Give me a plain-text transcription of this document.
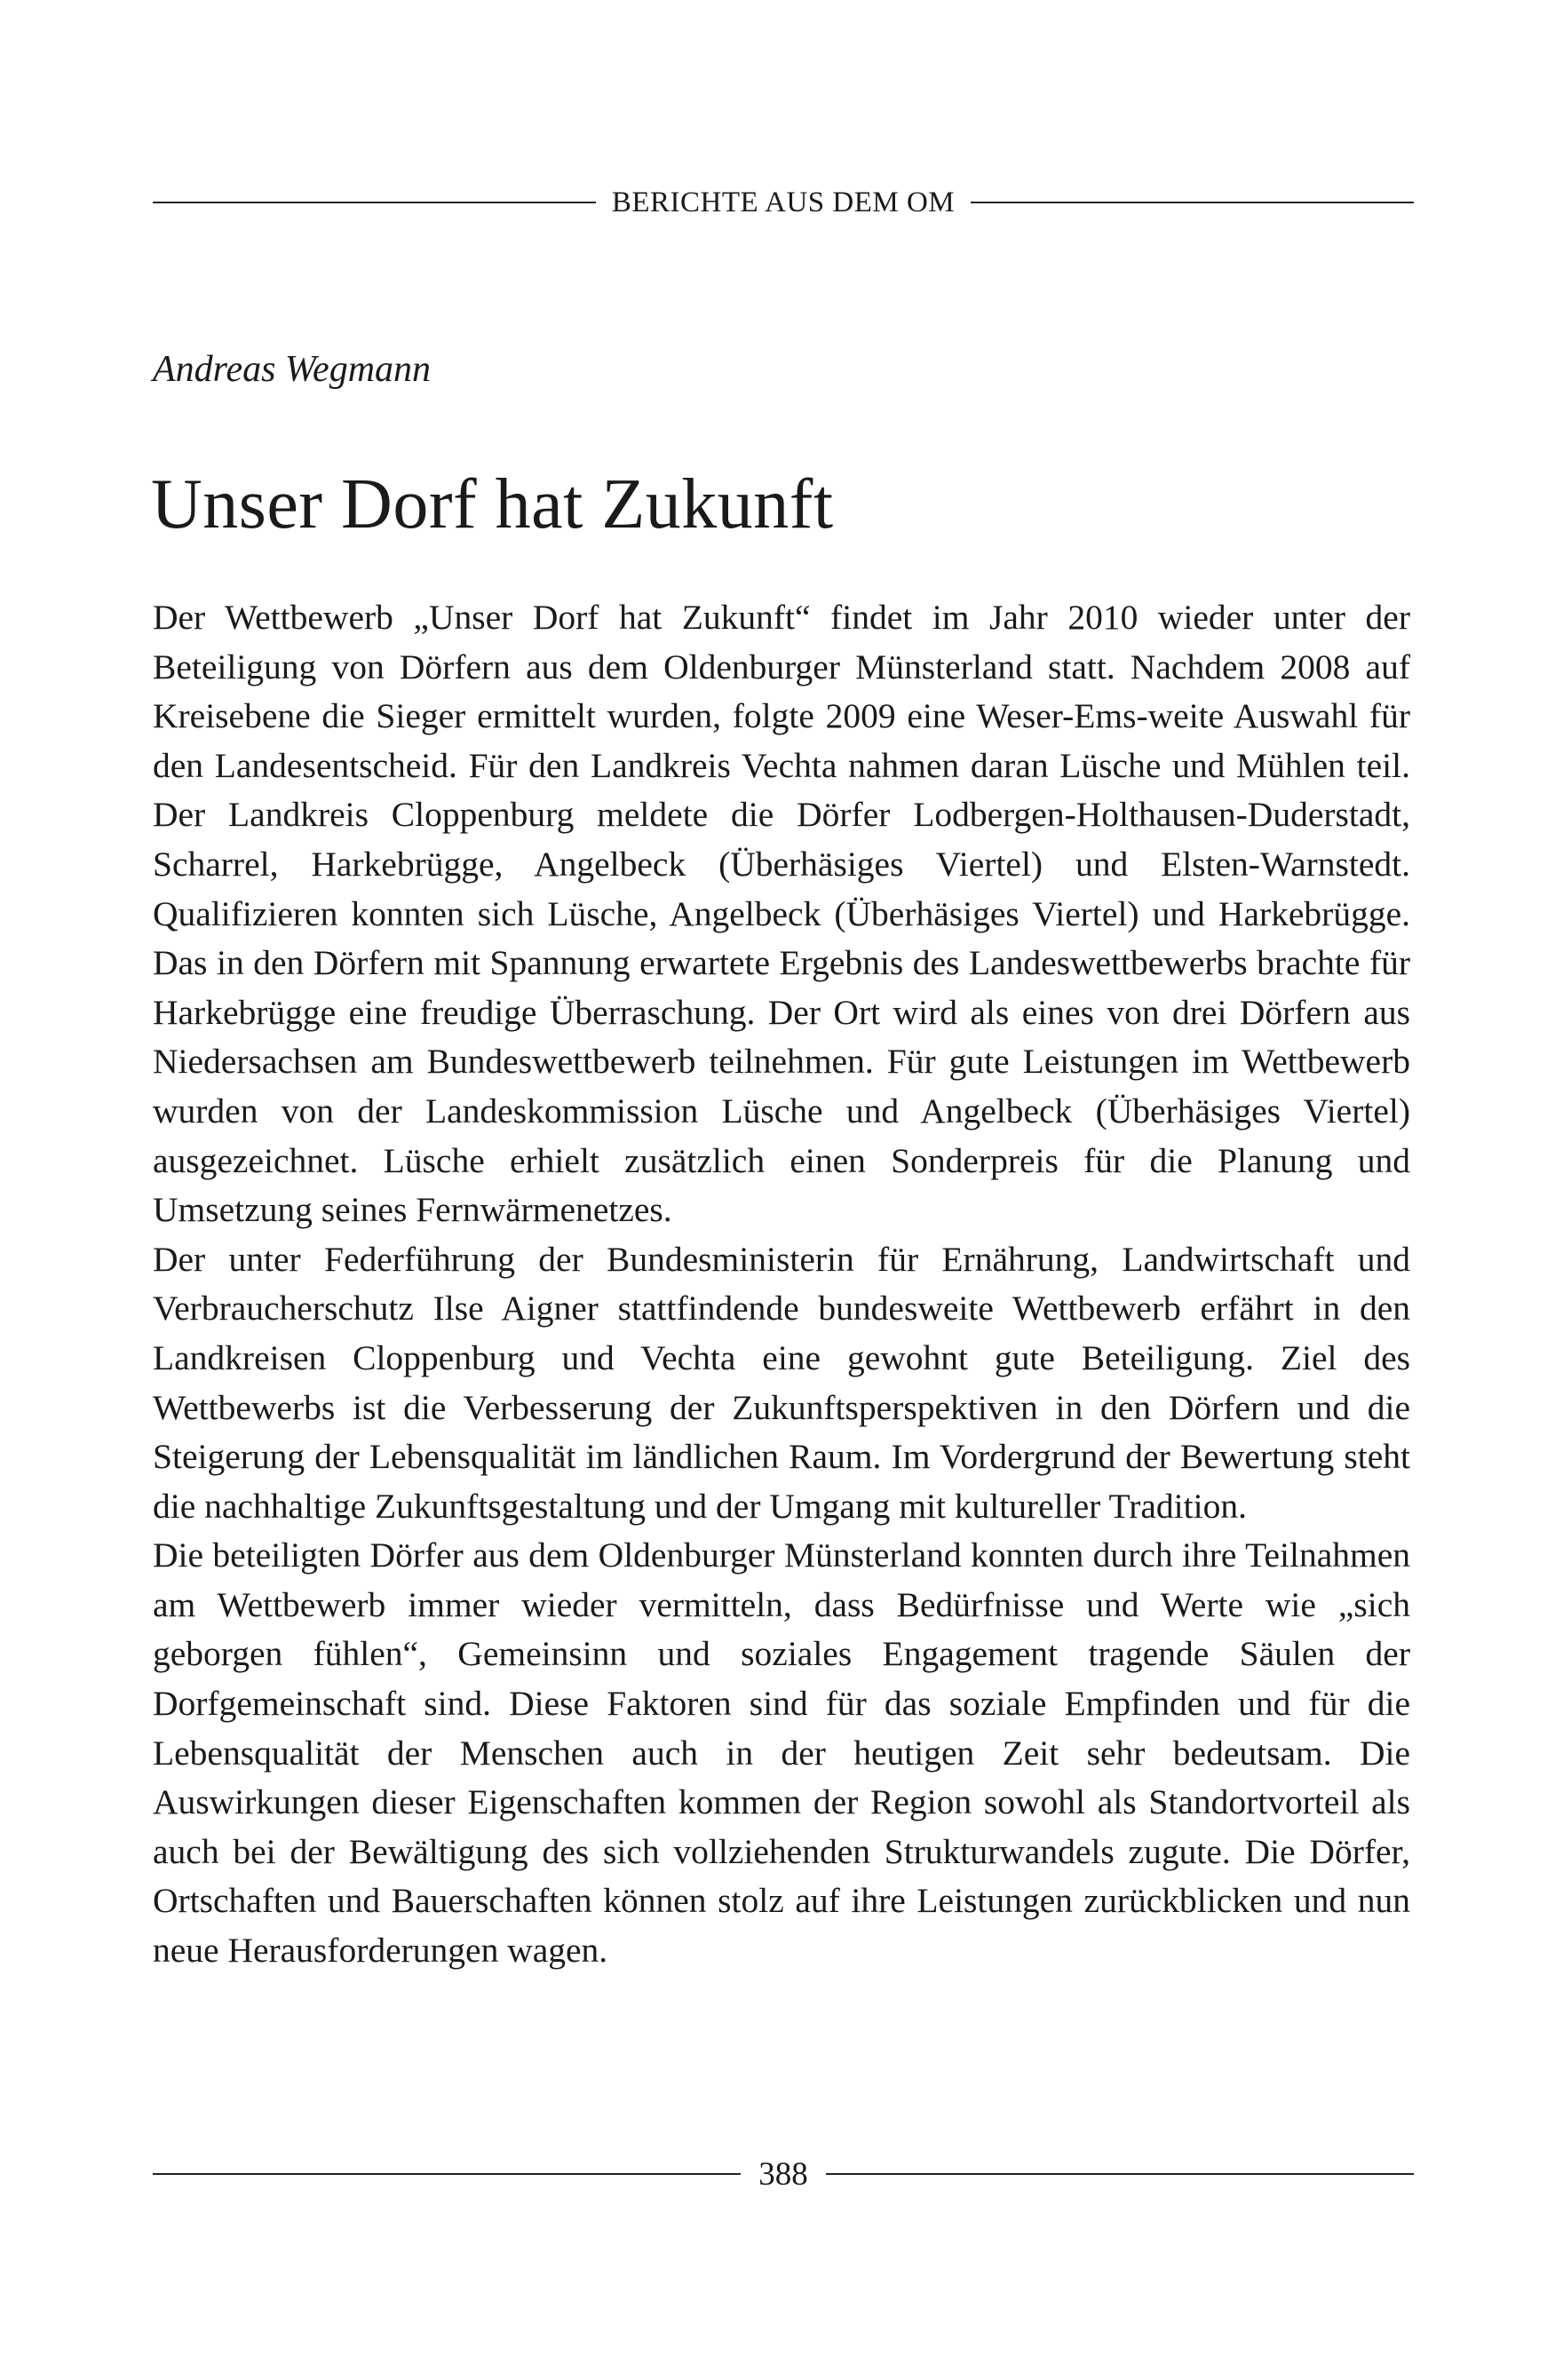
BERICHTE AUS DEM OM
Andreas Wegmann
Unser Dorf hat Zukunft

Der Wettbewerb „Unser Dorf hat Zukunft“ findet im Jahr 2010 wieder unter der Beteiligung von Dörfern aus dem Oldenburger Münsterland statt. Nachdem 2008 auf Kreisebene die Sieger ermittelt wurden, folgte 2009 eine Weser-Ems-weite Auswahl für den Landesentscheid. Für den Landkreis Vechta nahmen daran Lüsche und Mühlen teil. Der Landkreis Cloppenburg meldete die Dörfer Lodbergen-Holthausen-Duderstadt, Scharrel, Harkebrügge, Angelbeck (Überhäsiges Viertel) und Elsten-Warnstedt. Qualifizieren konnten sich Lüsche, Angelbeck (Überhäsiges Viertel) und Harkebrügge. Das in den Dörfern mit Spannung erwartete Ergebnis des Landeswettbewerbs brachte für Harkebrügge eine freudige Überraschung. Der Ort wird als eines von drei Dörfern aus Niedersachsen am Bundeswettbewerb teilnehmen. Für gute Leistungen im Wettbewerb wurden von der Landeskommission Lüsche und Angelbeck (Überhäsiges Viertel) ausgezeichnet. Lüsche erhielt zusätzlich einen Sonderpreis für die Planung und Umsetzung seines Fernwärmenetzes.

Der unter Federführung der Bundesministerin für Ernährung, Landwirtschaft und Verbraucherschutz Ilse Aigner stattfindende bundesweite Wettbewerb erfährt in den Landkreisen Cloppenburg und Vechta eine gewohnt gute Beteiligung. Ziel des Wettbewerbs ist die Verbesserung der Zukunftsperspektiven in den Dörfern und die Steigerung der Lebensqualität im ländlichen Raum. Im Vordergrund der Bewertung steht die nachhaltige Zukunftsgestaltung und der Umgang mit kultureller Tradition.

Die beteiligten Dörfer aus dem Oldenburger Münsterland konnten durch ihre Teilnahmen am Wettbewerb immer wieder vermitteln, dass Bedürfnisse und Werte wie „sich geborgen fühlen“, Gemeinsinn und soziales Engagement tragende Säulen der Dorfgemeinschaft sind. Diese Faktoren sind für das soziale Empfinden und für die Lebensqualität der Menschen auch in der heutigen Zeit sehr bedeutsam. Die Auswirkungen dieser Eigenschaften kommen der Region sowohl als Standortvorteil als auch bei der Bewältigung des sich vollziehenden Strukturwandels zugute. Die Dörfer, Ortschaften und Bauerschaften können stolz auf ihre Leistungen zurückblicken und nun neue Herausforderungen wagen.

388
